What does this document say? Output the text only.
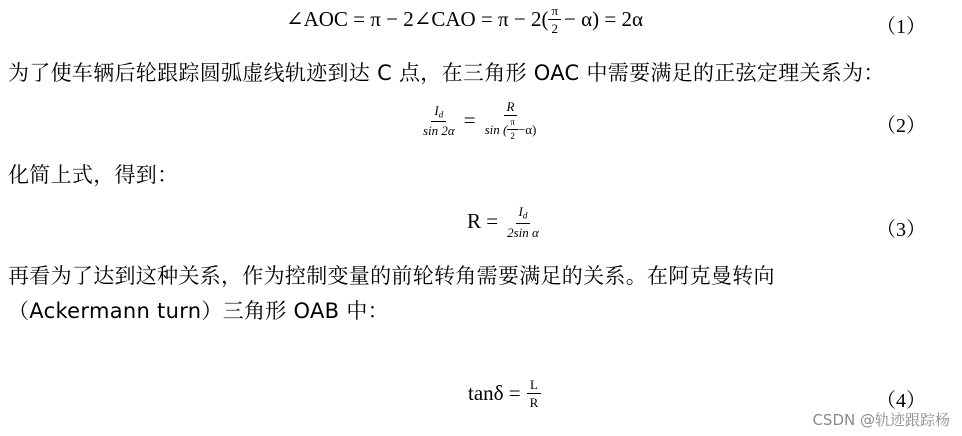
∠AOC = π − 2∠CAO = $\pi - 2( \frac{\pi}{2} - \alpha) = 2\alpha$	（1）
为了使车辆后轮跟踪圆弧虚线轨迹到达 C 点，在三角形 OAC 中需要满足的正弦定理关系为：
$\frac{I_d}{\sin 2\alpha} = \frac{R}{\sin ( \frac{\pi}{2} -\alpha)}$	（2）
化简上式，得到：
$R = \frac{I_d}{\text{2sin α}}$	（3）
再看为了达到这种关系，作为控制变量的前轮转角需要满足的关系。在阿克曼转向
（Ackermann turn）三角形 OAB 中：
$\tan\delta = \frac{L}{R}$	（4）
CSDN @轨迹跟踪杨
